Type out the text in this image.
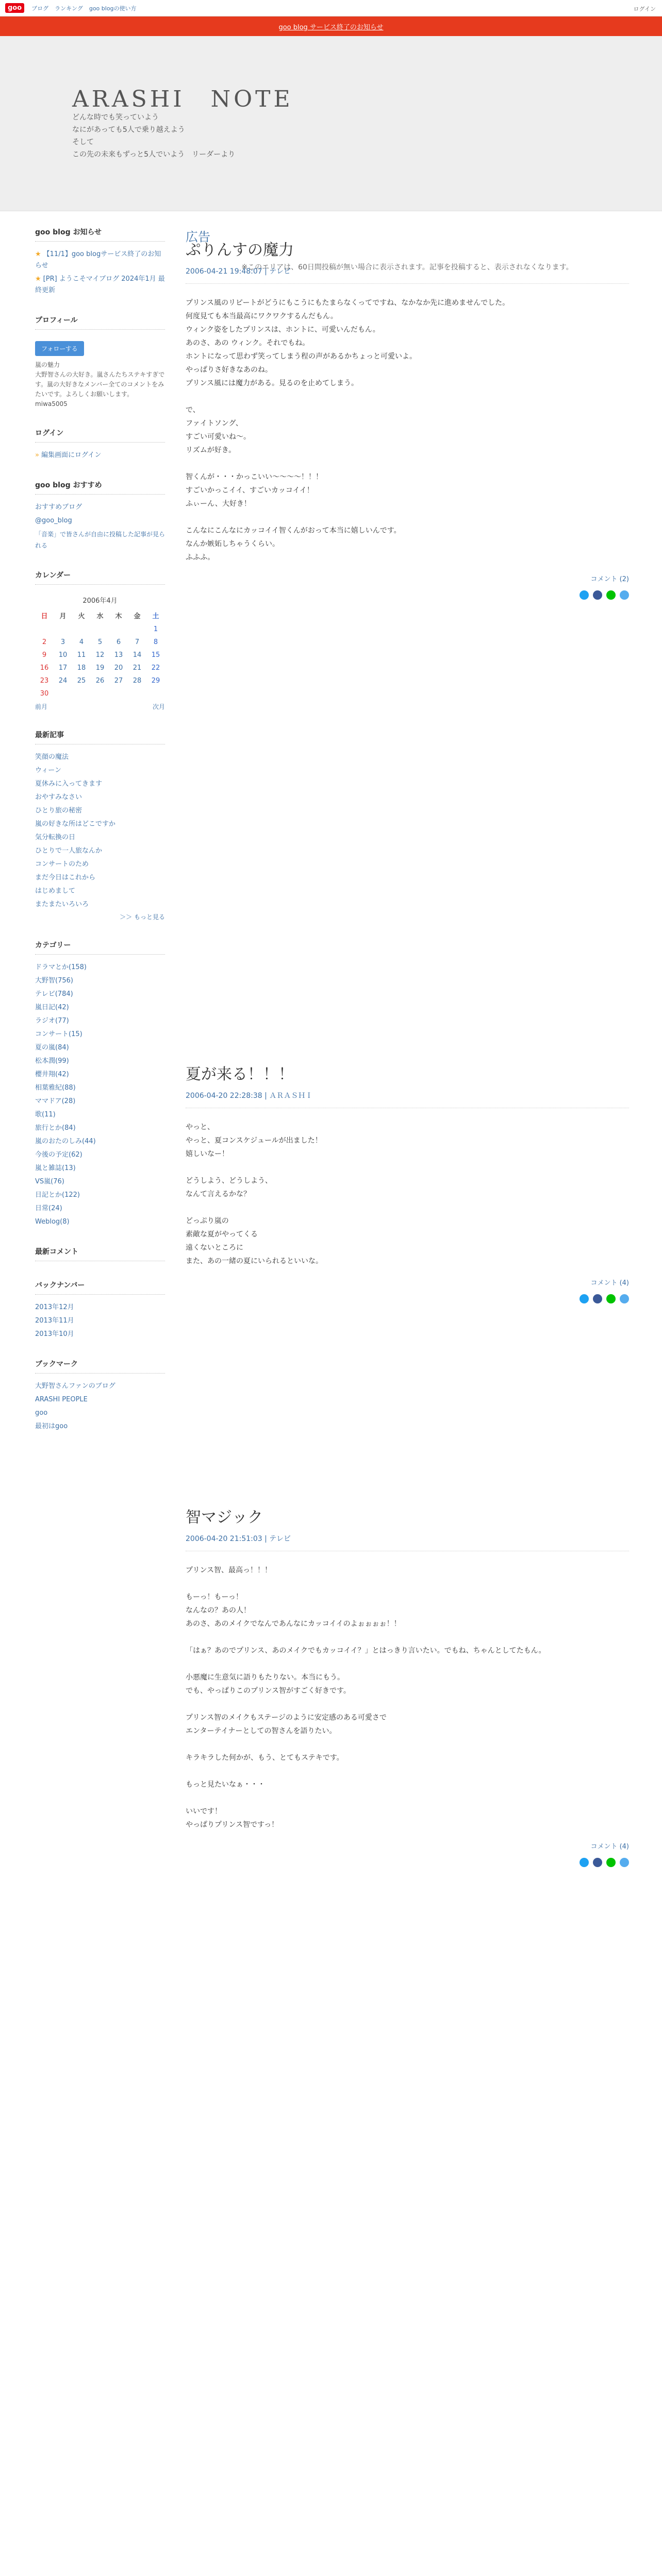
goo	ブログ ランキング goo blogの使い方	ログイン
goo blog サービス終了のお知らせ
ARASHI　NOTE
どんな時でも笑っていよう
なにがあっても5人で乗り越えよう
そして
この先の未来もずっと5人でいよう　リーダーより
goo blog お知らせ
★ 【11/1】goo blogサービス終了のお知らせ
★ [PR] ようこそマイブログ 2024年1月 最終更新
プロフィール
フォローする
嵐の魅力
大野智さんの大好き。嵐さんたちステキすぎです。嵐の大好きなメンバー全てのコメントをみたいです。よろしくお願いします。
miwa5005
ログイン
» 編集画面にログイン
goo blog おすすめ
おすすめブログ
@goo_blog
「音楽」で皆さんが自由に投稿した記事が見られる
カレンダー
2006年4月
日	月	火	水	木	金	土
						1
2	3	4	5	6	7	8
9	10	11	12	13	14	15
16	17	18	19	20	21	22
23	24	25	26	27	28	29
30						
前月	次月
最新記事
笑顔の魔法
ウィーン
夏休みに入ってきます
おやすみなさい
ひとり旅の秘密
嵐の好きな所はどこですか
気分転換の日
ひとりで一人旅なんか
コンサートのため
まだ今日はこれから
はじめまして
またまたいろいろ
＞＞ もっと見る
カテゴリー
ドラマとか(158)
大野智(756)
テレビ(784)
嵐日記(42)
ラジオ(77)
コンサート(15)
夏の嵐(84)
松本潤(99)
櫻井翔(42)
相葉雅紀(88)
ママドア(28)
歌(11)
旅行とか(84)
嵐のおたのしみ(44)
今後の予定(62)
嵐と雑誌(13)
VS嵐(76)
日記とか(122)
日常(24)
Weblog(8)
最新コメント
バックナンバー
2013年12月
2013年11月
2013年10月
ブックマーク
大野智さんファンのブログ
ARASHI PEOPLE
goo
最初はgoo
広告
※このエリアは、60日間投稿が無い場合に表示されます。記事を投稿すると、表示されなくなります。
ぷりんすの魔力
2006-04-21 19:48:07 | テレビ
プリンス風のリピートがどうにもこうにもたまらなくってですね、なかなか先に進めませんでした。
何度見ても本当最高にワクワクするんだもん。
ウィンク姿をしたプリンスは、ホントに、可愛いんだもん。
あのさ、あの ウィンク。それでもね。
ホントになって思わず笑ってしまう程の声があるかちょっと可愛いよ。
やっぱりさ好きなあのね。
プリンス風には魔力がある。見るのを止めてしまう。

で、
ファイトソング、
すごい可愛いね～。
リズムが好き。

智くんが・・・かっこいい～～～～！！！
すごいかっこイイ、すごいカッコイイ！
ふぃーん、大好き！

こんなにこんなにカッコイイ智くんがおって本当に嬉しいんです。
なんか嫉妬しちゃうくらい。
ふふふ。
コメント (2)
夏が来る！！！
2006-04-20 22:28:38 | ＡＲＡＳＨＩ
やっと、
やっと、夏コンスケジュールが出ました！
嬉しいなー！

どうしよう、どうしよう、
なんて言えるかな？

どっぷり嵐の
素敵な夏がやってくる
遠くないところに
また、あの一緒の夏にいられるといいな。
コメント (4)
智マジック
2006-04-20 21:51:03 | テレビ
プリンス智、最高っ！！！

もーっ！もーっ！
なんなの？あの人！
あのさ、あのメイクでなんであんなにカッコイイのよぉぉぉぉ！！

「はぁ？あのでプリンス、あのメイクでもカッコイイ？」とはっきり言いたい。でもね、ちゃんとしてたもん。

小悪魔に生意気に語りもたりない。本当にもう。
でも、やっぱりこのプリンス智がすごく好きです。

プリンス智のメイクもステージのように安定感のある可愛さで
エンターテイナーとしての智さんを語りたい。

キラキラした何かが、もう、とてもステキです。

もっと見たいなぁ・・・

いいです！
やっぱりプリンス智ですっ！
コメント (4)
